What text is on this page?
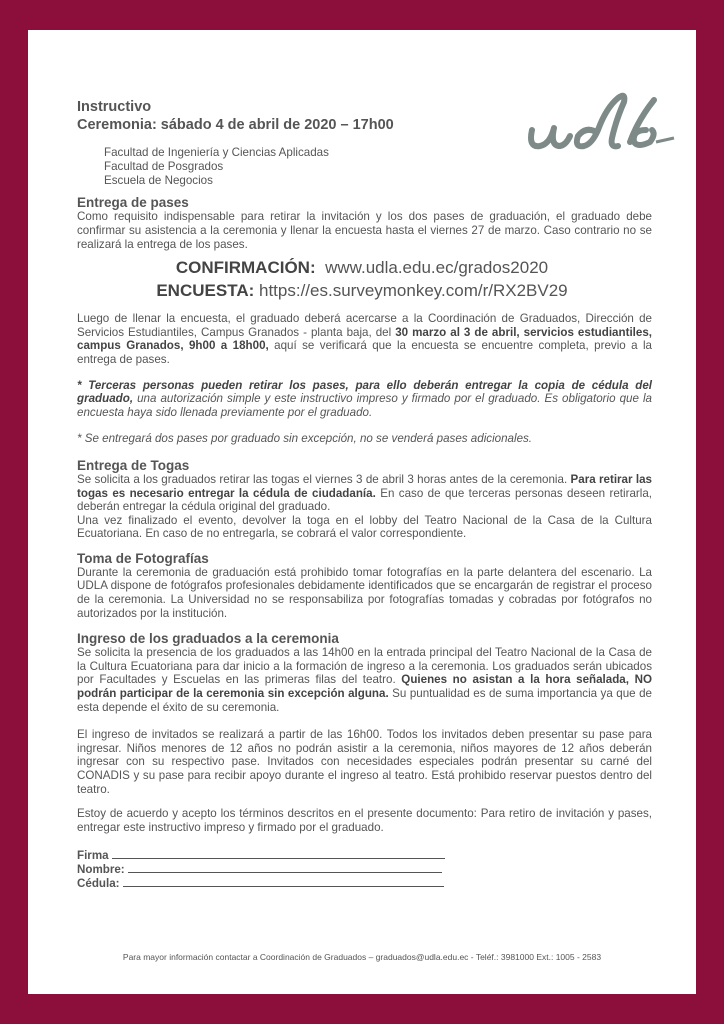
Instructivo
Ceremonia: sábado 4 de abril de 2020 – 17h00
Facultad de Ingeniería y Ciencias Aplicadas
Facultad de Posgrados
Escuela de Negocios
Entrega de pases
Como requisito indispensable para retirar la invitación y los dos pases de graduación, el graduado debe confirmar su asistencia a la ceremonia y llenar la encuesta hasta el viernes 27 de marzo. Caso contrario no se realizará la entrega de los pases.
CONFIRMACIÓN: www.udla.edu.ec/grados2020
ENCUESTA: https://es.surveymonkey.com/r/RX2BV29
Luego de llenar la encuesta, el graduado deberá acercarse a la Coordinación de Graduados, Dirección de Servicios Estudiantiles, Campus Granados - planta baja, del 30 marzo al 3 de abril, servicios estudiantiles, campus Granados, 9h00 a 18h00, aquí se verificará que la encuesta se encuentre completa, previo a la entrega de pases.
* Terceras personas pueden retirar los pases, para ello deberán entregar la copia de cédula del graduado, una autorización simple y este instructivo impreso y firmado por el graduado. Es obligatorio que la encuesta haya sido llenada previamente por el graduado.
* Se entregará dos pases por graduado sin excepción, no se venderá pases adicionales.
Entrega de Togas
Se solicita a los graduados retirar las togas el viernes 3 de abril 3 horas antes de la ceremonia. Para retirar las togas es necesario entregar la cédula de ciudadanía. En caso de que terceras personas deseen retirarla, deberán entregar la cédula original del graduado.
Una vez finalizado el evento, devolver la toga en el lobby del Teatro Nacional de la Casa de la Cultura Ecuatoriana. En caso de no entregarla, se cobrará el valor correspondiente.
Toma de Fotografías
Durante la ceremonia de graduación está prohibido tomar fotografías en la parte delantera del escenario. La UDLA dispone de fotógrafos profesionales debidamente identificados que se encargarán de registrar el proceso de la ceremonia. La Universidad no se responsabiliza por fotografías tomadas y cobradas por fotógrafos no autorizados por la institución.
Ingreso de los graduados a la ceremonia
Se solicita la presencia de los graduados a las 14h00 en la entrada principal del Teatro Nacional de la Casa de la Cultura Ecuatoriana para dar inicio a la formación de ingreso a la ceremonia. Los graduados serán ubicados por Facultades y Escuelas en las primeras filas del teatro. Quienes no asistan a la hora señalada, NO podrán participar de la ceremonia sin excepción alguna. Su puntualidad es de suma importancia ya que de esta depende el éxito de su ceremonia.
El ingreso de invitados se realizará a partir de las 16h00. Todos los invitados deben presentar su pase para ingresar. Niños menores de 12 años no podrán asistir a la ceremonia, niños mayores de 12 años deberán ingresar con su respectivo pase. Invitados con necesidades especiales podrán presentar su carné del CONADIS y su pase para recibir apoyo durante el ingreso al teatro. Está prohibido reservar puestos dentro del teatro.
Estoy de acuerdo y acepto los términos descritos en el presente documento: Para retiro de invitación y pases, entregar este instructivo impreso y firmado por el graduado.
Firma
Nombre:
Cédula:
Para mayor información contactar a Coordinación de Graduados – graduados@udla.edu.ec - Teléf.: 3981000 Ext.: 1005 - 2583
